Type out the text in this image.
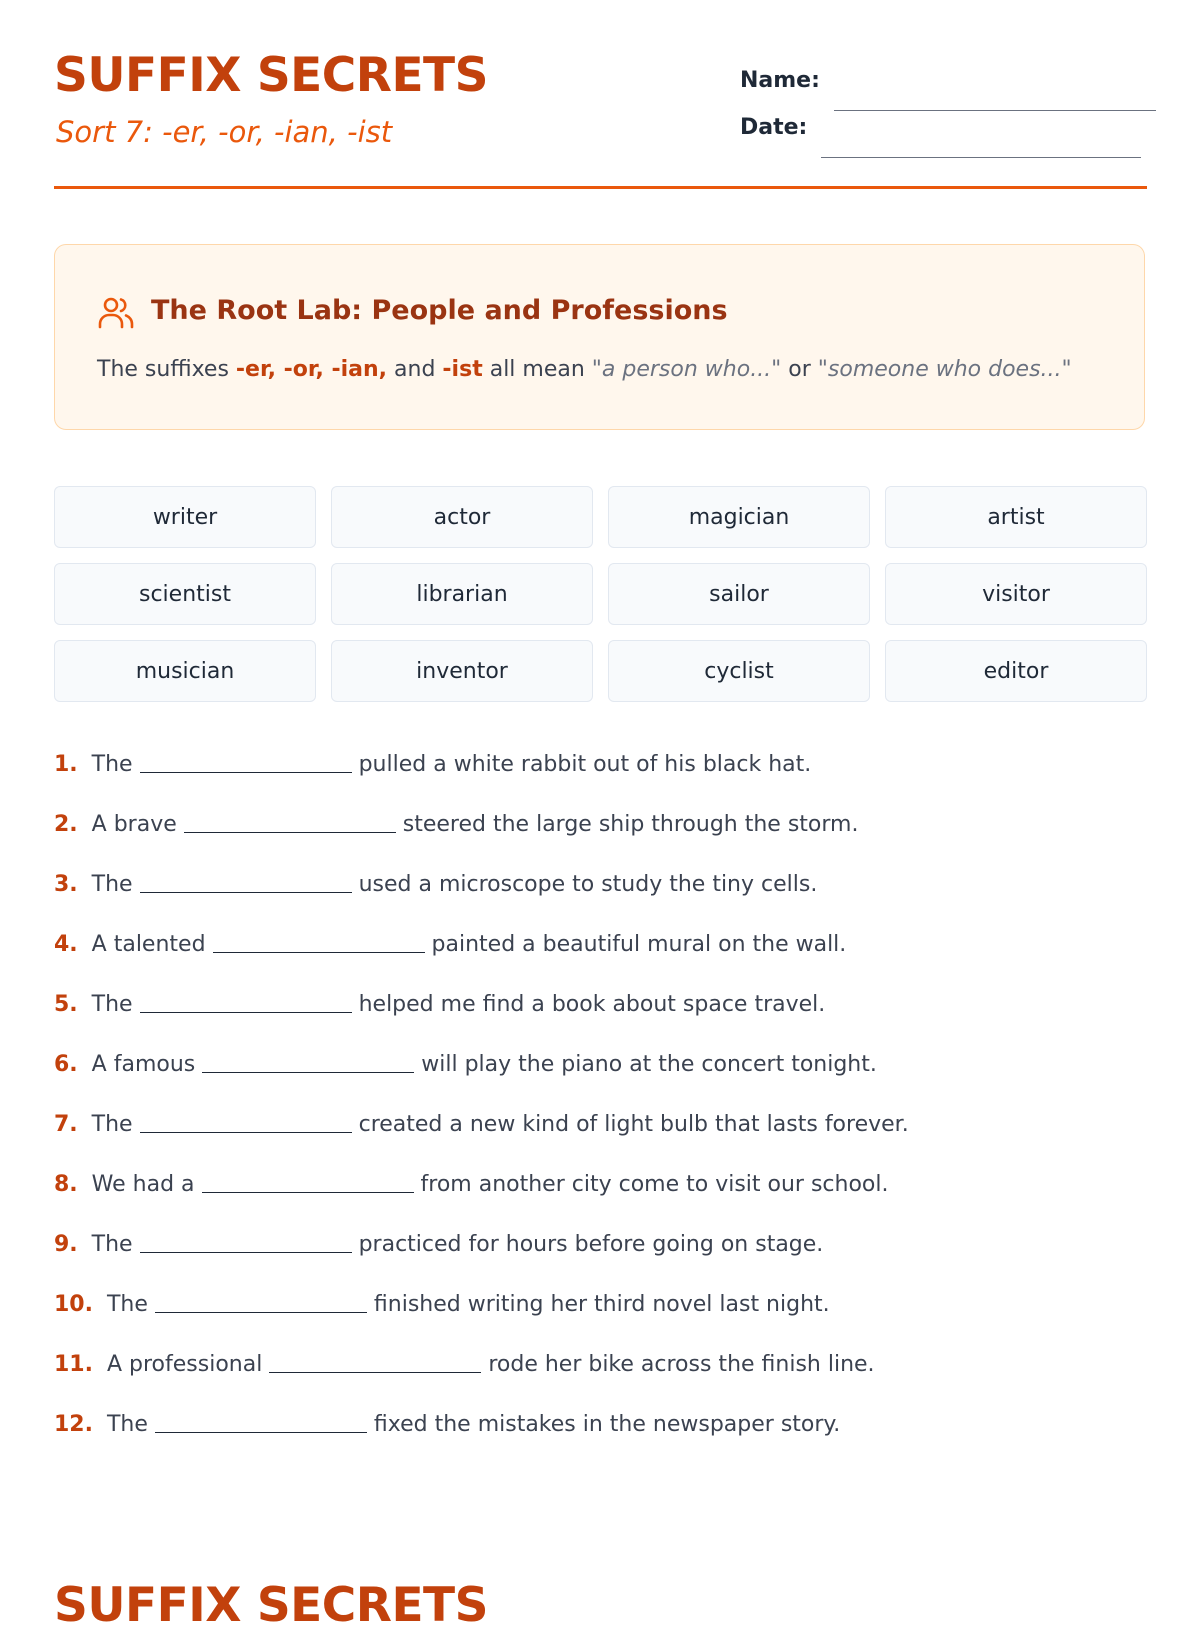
SUFFIX SECRETS
Sort 7: -er, -or, -ian, -ist
Name:
Date:
The Root Lab: People and Professions
The suffixes -er, -or, -ian, and -ist all mean "a person who..." or "someone who does..."
writer	actor	magician	artist
scientist	librarian	sailor	visitor
musician	inventor	cyclist	editor
1. The	pulled a white rabbit out of his black hat.
2. A brave	steered the large ship through the storm.
3. The	used a microscope to study the tiny cells.
4. A talented	painted a beautiful mural on the wall.
5. The	helped me find a book about space travel.
6. A famous	will play the piano at the concert tonight.
7. The	created a new kind of light bulb that lasts forever.
8. We had a	from another city come to visit our school.
9. The	practiced for hours before going on stage.
10. The	finished writing her third novel last night.
11. A professional	rode her bike across the finish line.
12. The	fixed the mistakes in the newspaper story.
SUFFIX SECRETS
